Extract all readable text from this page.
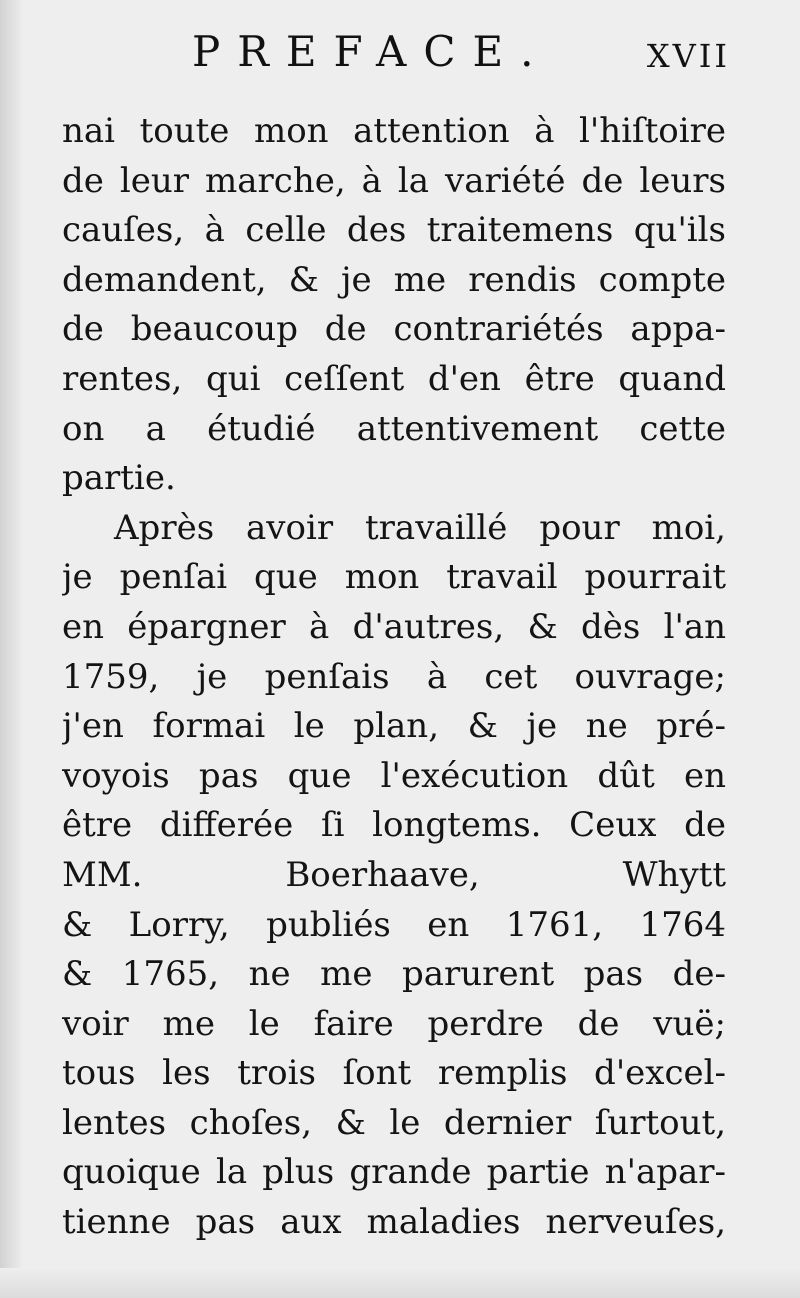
PREFACE.	XVII
nai toute mon attention à l'hiſtoire
de leur marche, à la variété de leurs
cauſes, à celle des traitemens qu'ils
demandent, & je me rendis compte
de beaucoup de contrariétés appa-
rentes, qui ceſſent d'en être quand
on a étudié attentivement cette
partie.
Après avoir travaillé pour moi,
je penſai que mon travail pourrait
en épargner à d'autres, & dès l'an
1759, je penſais à cet ouvrage;
j'en formai le plan, & je ne pré-
voyois pas que l'exécution dût en
être differée ſi longtems. Ceux de
MM. Boerhaave, Whytt
& Lorry, publiés en 1761, 1764
& 1765, ne me parurent pas de-
voir me le faire perdre de vuë;
tous les trois ſont remplis d'excel-
lentes choſes, & le dernier ſurtout,
quoique la plus grande partie n'apar-
tienne pas aux maladies nerveuſes,
